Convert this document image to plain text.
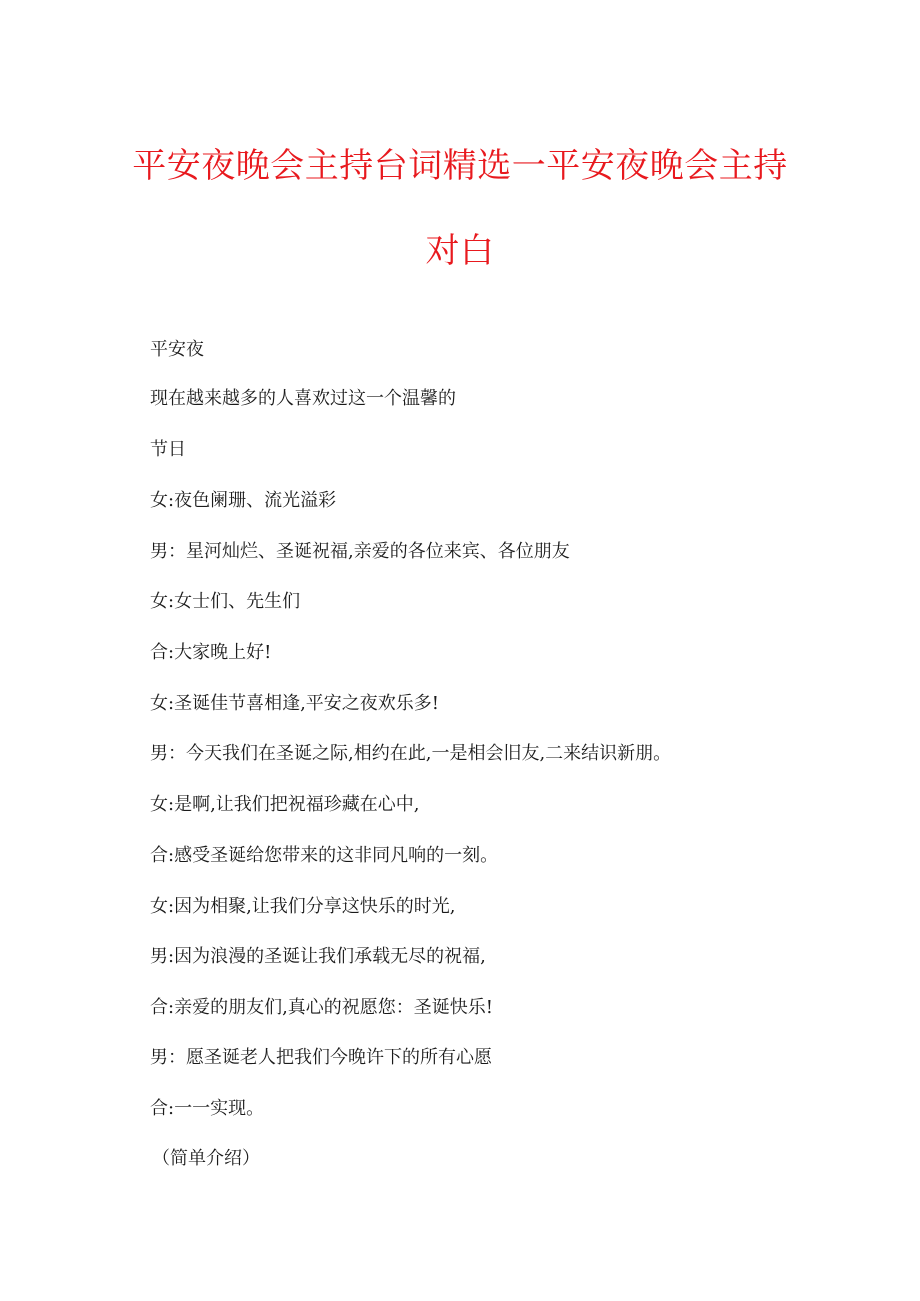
平安夜晚会主持台词精选一平安夜晚会主持
对白
平安夜
现在越来越多的人喜欢过这一个温馨的
节日
女:夜色阑珊、流光溢彩
男：星河灿烂、圣诞祝福,亲爱的各位来宾、各位朋友
女:女士们、先生们
合:大家晚上好!
女:圣诞佳节喜相逢,平安之夜欢乐多!
男：今天我们在圣诞之际,相约在此,一是相会旧友,二来结识新朋。
女:是啊,让我们把祝福珍藏在心中,
合:感受圣诞给您带来的这非同凡响的一刻。
女:因为相聚,让我们分享这快乐的时光,
男:因为浪漫的圣诞让我们承载无尽的祝福,
合:亲爱的朋友们,真心的祝愿您：圣诞快乐!
男：愿圣诞老人把我们今晚许下的所有心愿
合:一一实现。
（简单介绍）
